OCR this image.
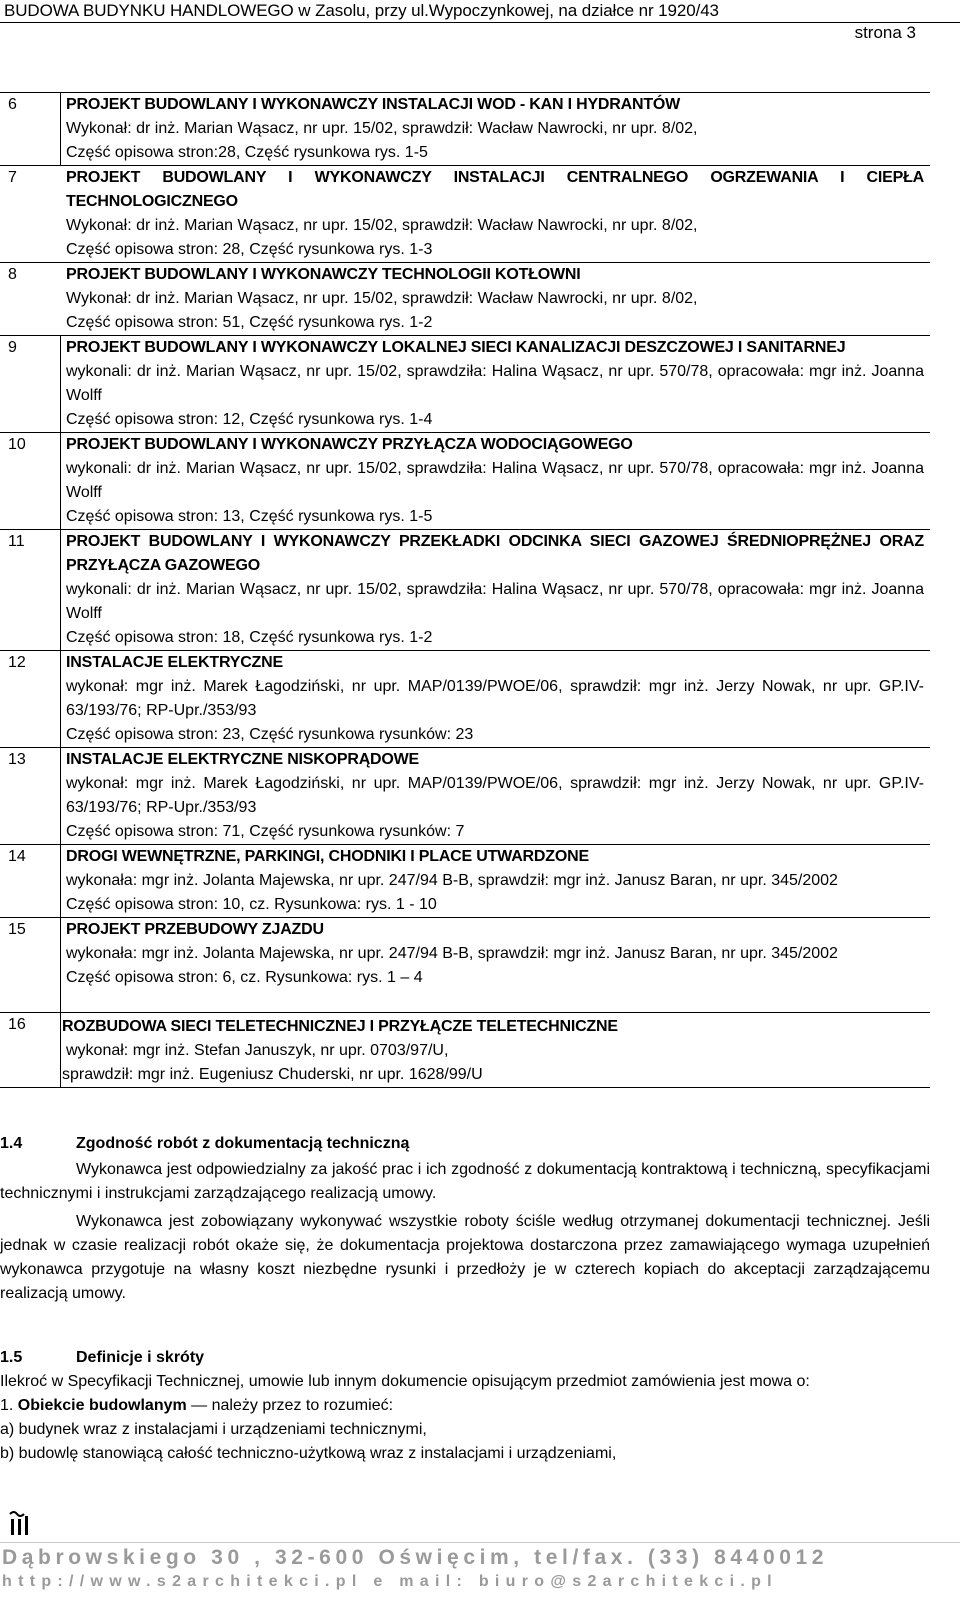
BUDOWA BUDYNKU HANDLOWEGO w Zasolu, przy ul.Wypoczynkowej, na działce nr 1920/43
strona 3
6	PROJEKT BUDOWLANY I WYKONAWCZY INSTALACJI WOD - KAN I HYDRANTÓW
Wykonał: dr inż. Marian Wąsacz, nr upr. 15/02, sprawdził: Wacław Nawrocki, nr upr. 8/02,
Część opisowa stron:28, Część rysunkowa rys. 1-5
7	PROJEKT BUDOWLANY I WYKONAWCZY INSTALACJI CENTRALNEGO OGRZEWANIA I CIEPŁA TECHNOLOGICZNEGO
Wykonał: dr inż. Marian Wąsacz, nr upr. 15/02, sprawdził: Wacław Nawrocki, nr upr. 8/02,
Część opisowa stron: 28, Część rysunkowa rys. 1-3
8	PROJEKT BUDOWLANY I WYKONAWCZY TECHNOLOGII KOTŁOWNI
Wykonał: dr inż. Marian Wąsacz, nr upr. 15/02, sprawdził: Wacław Nawrocki, nr upr. 8/02,
Część opisowa stron: 51, Część rysunkowa rys. 1-2
9	PROJEKT BUDOWLANY I WYKONAWCZY LOKALNEJ SIECI KANALIZACJI DESZCZOWEJ I SANITARNEJ
wykonali: dr inż. Marian Wąsacz, nr upr. 15/02, sprawdziła: Halina Wąsacz, nr upr. 570/78, opracowała: mgr inż. Joanna Wolff
Część opisowa stron: 12, Część rysunkowa rys. 1-4
10	PROJEKT BUDOWLANY I WYKONAWCZY PRZYŁĄCZA WODOCIĄGOWEGO
wykonali: dr inż. Marian Wąsacz, nr upr. 15/02, sprawdziła: Halina Wąsacz, nr upr. 570/78, opracowała: mgr inż. Joanna Wolff
Część opisowa stron: 13, Część rysunkowa rys. 1-5
11	PROJEKT BUDOWLANY I WYKONAWCZY PRZEKŁADKI ODCINKA SIECI GAZOWEJ ŚREDNIOPRĘŻNEJ ORAZ PRZYŁĄCZA GAZOWEGO
wykonali: dr inż. Marian Wąsacz, nr upr. 15/02, sprawdziła: Halina Wąsacz, nr upr. 570/78, opracowała: mgr inż. Joanna Wolff
Część opisowa stron: 18, Część rysunkowa rys. 1-2
12	INSTALACJE ELEKTRYCZNE
wykonał: mgr inż. Marek Łagodziński, nr upr. MAP/0139/PWOE/06, sprawdził: mgr inż. Jerzy Nowak, nr upr. GP.IV-63/193/76; RP-Upr./353/93
Część opisowa stron: 23, Część rysunkowa rysunków: 23
13	INSTALACJE ELEKTRYCZNE NISKOPRĄDOWE
wykonał: mgr inż. Marek Łagodziński, nr upr. MAP/0139/PWOE/06, sprawdził: mgr inż. Jerzy Nowak, nr upr. GP.IV-63/193/76; RP-Upr./353/93
Część opisowa stron: 71, Część rysunkowa rysunków: 7
14	DROGI WEWNĘTRZNE, PARKINGI, CHODNIKI I PLACE UTWARDZONE
wykonała: mgr inż. Jolanta Majewska, nr upr. 247/94 B-B, sprawdził: mgr inż. Janusz Baran, nr upr. 345/2002
Część opisowa stron: 10, cz. Rysunkowa: rys. 1 - 10
15	PROJEKT PRZEBUDOWY ZJAZDU
wykonała: mgr inż. Jolanta Majewska, nr upr. 247/94 B-B, sprawdził: mgr inż. Janusz Baran, nr upr. 345/2002
Część opisowa stron: 6, cz. Rysunkowa: rys. 1 – 4
16	ROZBUDOWA SIECI TELETECHNICZNEJ I PRZYŁĄCZE TELETECHNICZNE
wykonał: mgr inż. Stefan Januszyk, nr upr. 0703/97/U,
sprawdził: mgr inż. Eugeniusz Chuderski, nr upr. 1628/99/U
1.4	Zgodność robót z dokumentacją techniczną
Wykonawca jest odpowiedzialny za jakość prac i ich zgodność z dokumentacją kontraktową i techniczną, specyfikacjami technicznymi i instrukcjami zarządzającego realizacją umowy.
Wykonawca jest zobowiązany wykonywać wszystkie roboty ściśle według otrzymanej dokumentacji technicznej. Jeśli jednak w czasie realizacji robót okaże się, że dokumentacja projektowa dostarczona przez zamawiającego wymaga uzupełnień wykonawca przygotuje na własny koszt niezbędne rysunki i przedłoży je w czterech kopiach do akceptacji zarządzającemu realizacją umowy.
1.5	Definicje i skróty
Ilekroć w Specyfikacji Technicznej, umowie lub innym dokumencie opisującym przedmiot zamówienia jest mowa o:
1. Obiekcie budowlanym — należy przez to rozumieć:
a) budynek wraz z instalacjami i urządzeniami technicznymi,
b) budowlę stanowiącą całość techniczno-użytkową wraz z instalacjami i urządzeniami,
Dąbrowskiego 30 , 32-600 Oświęcim, tel/fax. (33) 8440012
http://www.s2architekci.pl e mail: biuro@s2architekci.pl
